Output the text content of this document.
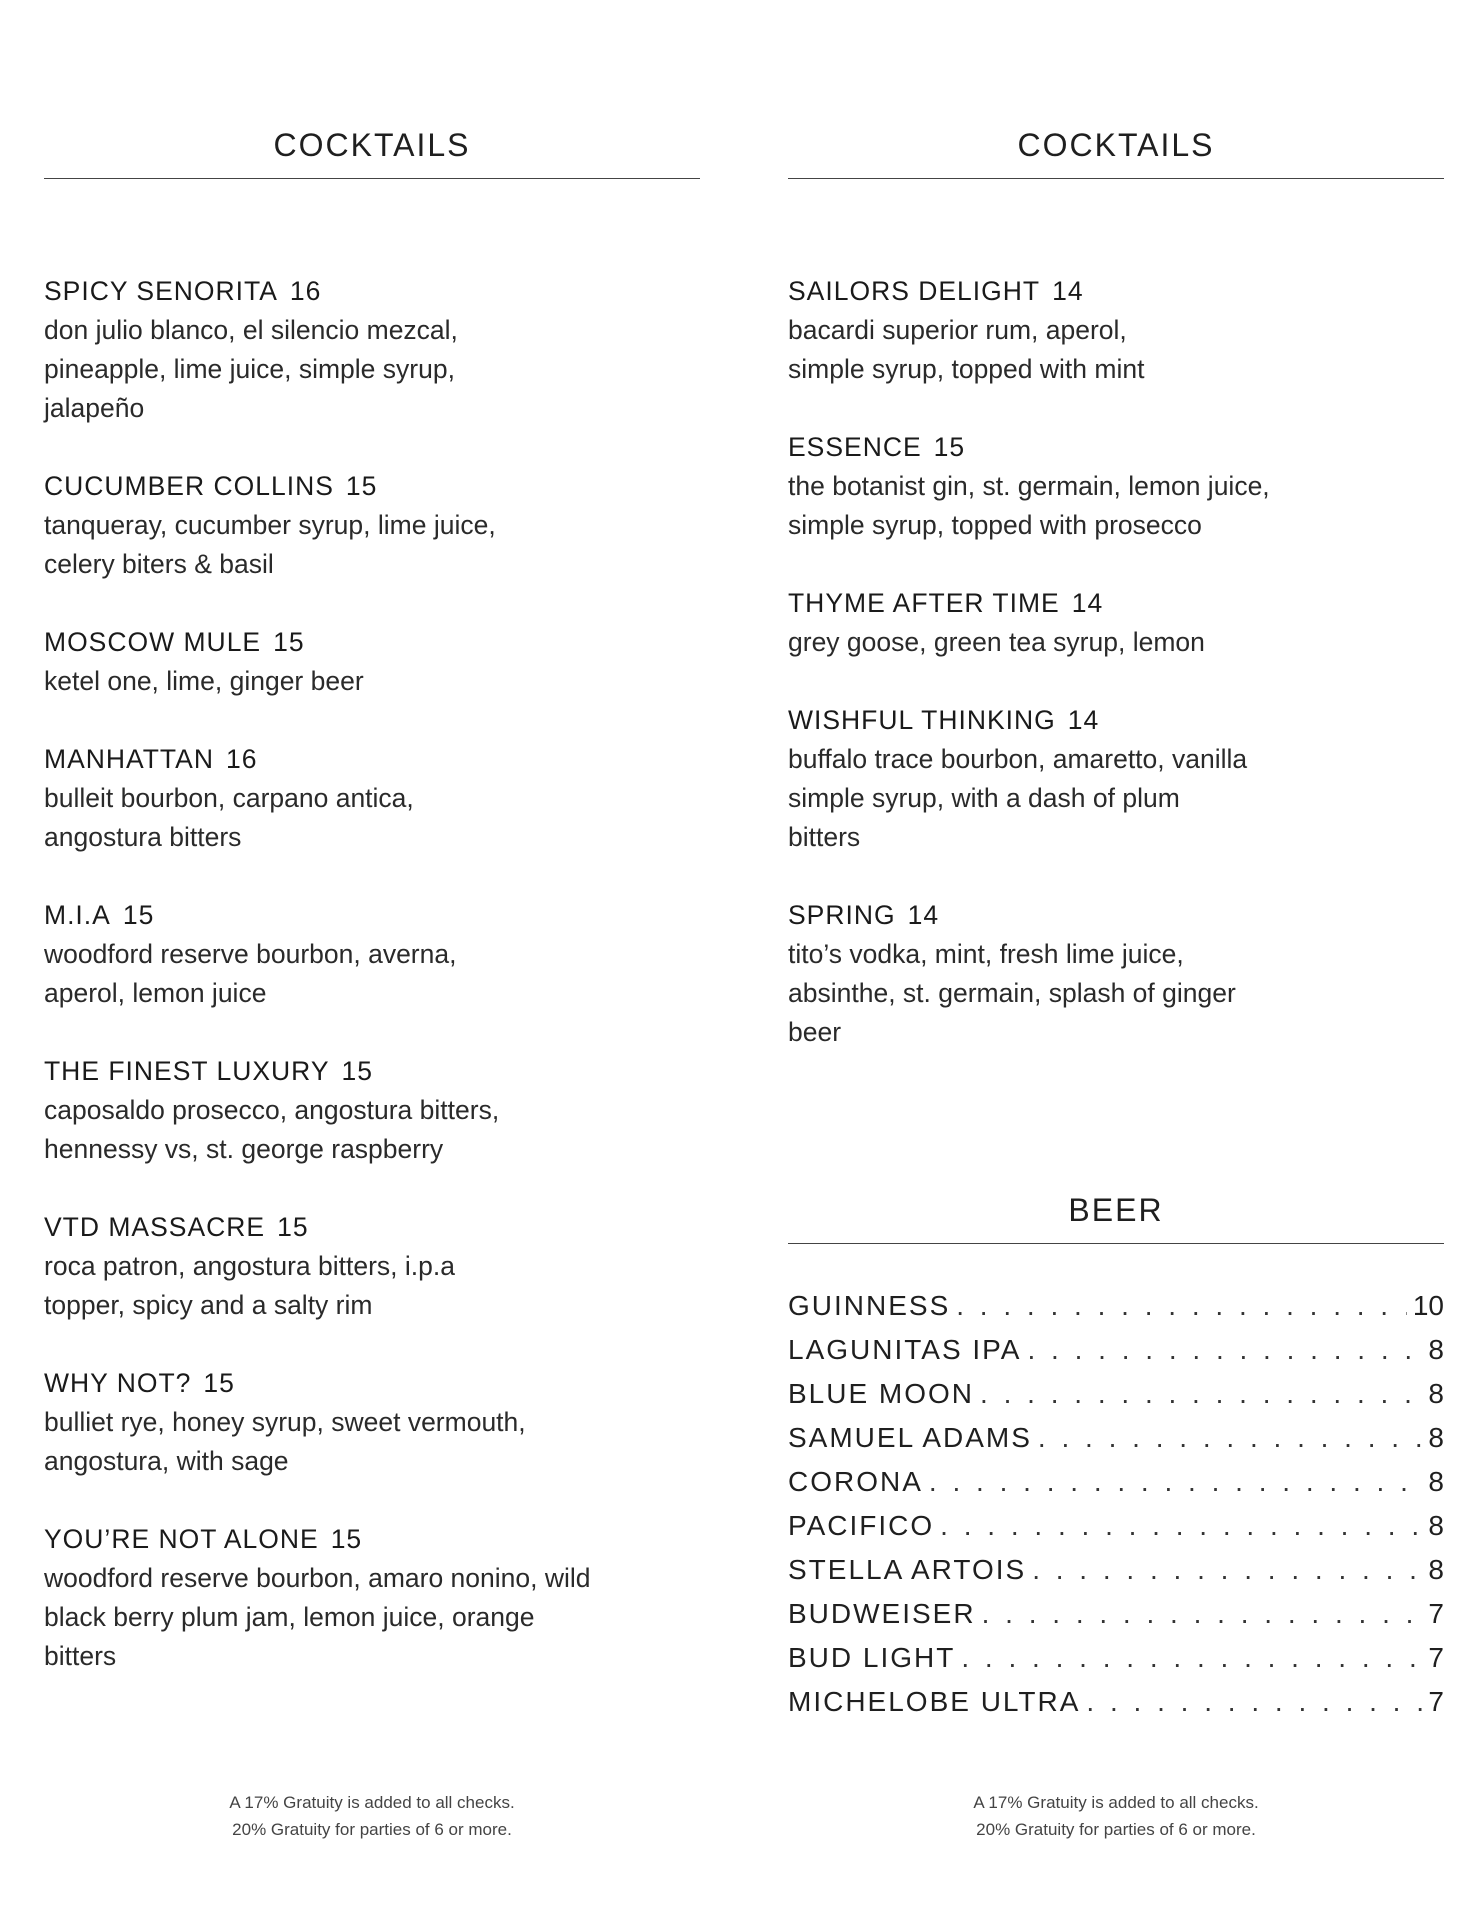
COCKTAILS
SPICY SENORITA 16
don julio blanco, el silencio mezcal, pineapple, lime juice, simple syrup, jalapeño
CUCUMBER COLLINS 15
tanqueray, cucumber syrup, lime juice, celery biters & basil
MOSCOW MULE 15
ketel one, lime, ginger beer
MANHATTAN 16
bulleit bourbon, carpano antica, angostura bitters
M.I.A 15
woodford reserve bourbon, averna, aperol, lemon juice
THE FINEST LUXURY 15
caposaldo prosecco, angostura bitters, hennessy vs, st. george raspberry
VTD MASSACRE 15
roca patron, angostura bitters, i.p.a topper, spicy and a salty rim
WHY NOT? 15
bulliet rye, honey syrup, sweet vermouth, angostura, with sage
YOU’RE NOT ALONE 15
woodford reserve bourbon, amaro nonino, wild black berry plum jam, lemon juice, orange bitters
A 17% Gratuity is added to all checks.
20% Gratuity for parties of 6 or more.
COCKTAILS
SAILORS DELIGHT 14
bacardi superior rum, aperol, simple syrup, topped with mint
ESSENCE 15
the botanist gin, st. germain, lemon juice, simple syrup, topped with prosecco
THYME AFTER TIME 14
grey goose, green tea syrup, lemon
WISHFUL THINKING 14
buffalo trace bourbon, amaretto, vanilla simple syrup, with a dash of plum bitters
SPRING 14
tito’s vodka, mint, fresh lime juice, absinthe, st. germain, splash of ginger beer
BEER
GUINNESS . . .	10
LAGUNITAS IPA . . .	8
BLUE MOON . . .	8
SAMUEL ADAMS . . .	8
CORONA . . .	8
PACIFICO . . .	8
STELLA ARTOIS . . .	8
BUDWEISER . . .	7
BUD LIGHT . . .	7
MICHELOBE ULTRA . . .	7
A 17% Gratuity is added to all checks.
20% Gratuity for parties of 6 or more.
